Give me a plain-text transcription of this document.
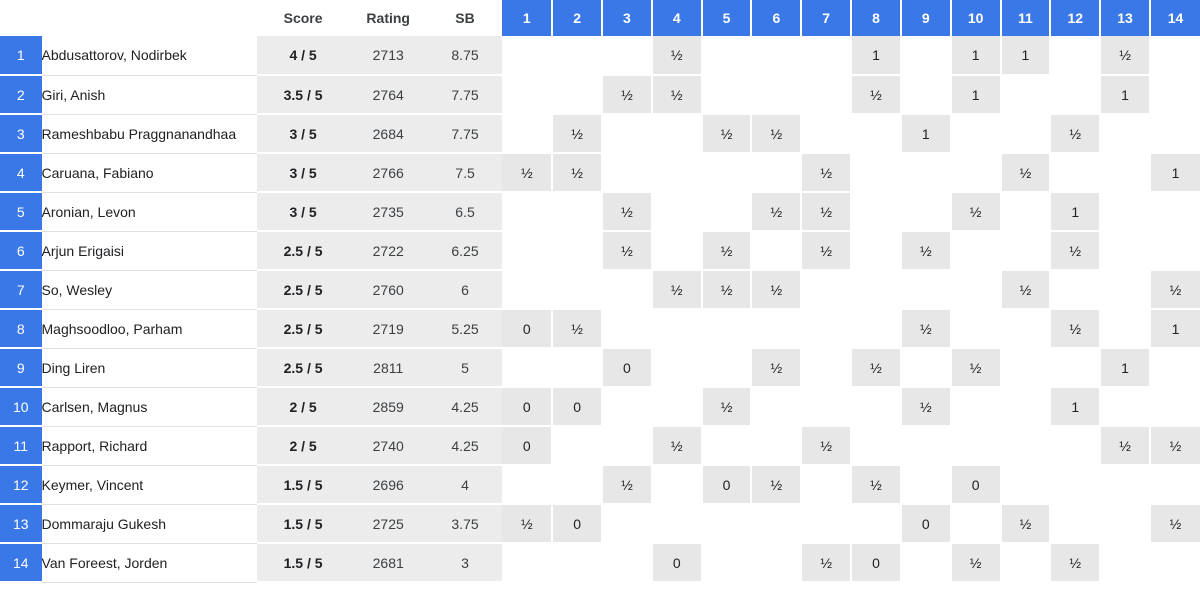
		Score	Rating	SB	1	2	3	4	5	6	7	8	9	10	11	12	13	14
1	Abdusattorov, Nodirbek	4 / 5	2713	8.75				½				1		1	1		½	
2	Giri, Anish	3.5 / 5	2764	7.75			½	½				½		1			1	
3	Rameshbabu Praggnanandhaa	3 / 5	2684	7.75		½			½	½			1			½		
4	Caruana, Fabiano	3 / 5	2766	7.5	½	½					½				½			1
5	Aronian, Levon	3 / 5	2735	6.5			½			½	½			½		1		
6	Arjun Erigaisi	2.5 / 5	2722	6.25			½		½		½		½			½		
7	So, Wesley	2.5 / 5	2760	6				½	½	½					½			½
8	Maghsoodloo, Parham	2.5 / 5	2719	5.25	0	½							½			½		1
9	Ding Liren	2.5 / 5	2811	5			0			½		½		½			1	
10	Carlsen, Magnus	2 / 5	2859	4.25	0	0			½				½			1		
11	Rapport, Richard	2 / 5	2740	4.25	0			½			½						½	½
12	Keymer, Vincent	1.5 / 5	2696	4			½		0	½		½		0				
13	Dommaraju Gukesh	1.5 / 5	2725	3.75	½	0							0		½			½
14	Van Foreest, Jorden	1.5 / 5	2681	3				0			½	0		½		½		
